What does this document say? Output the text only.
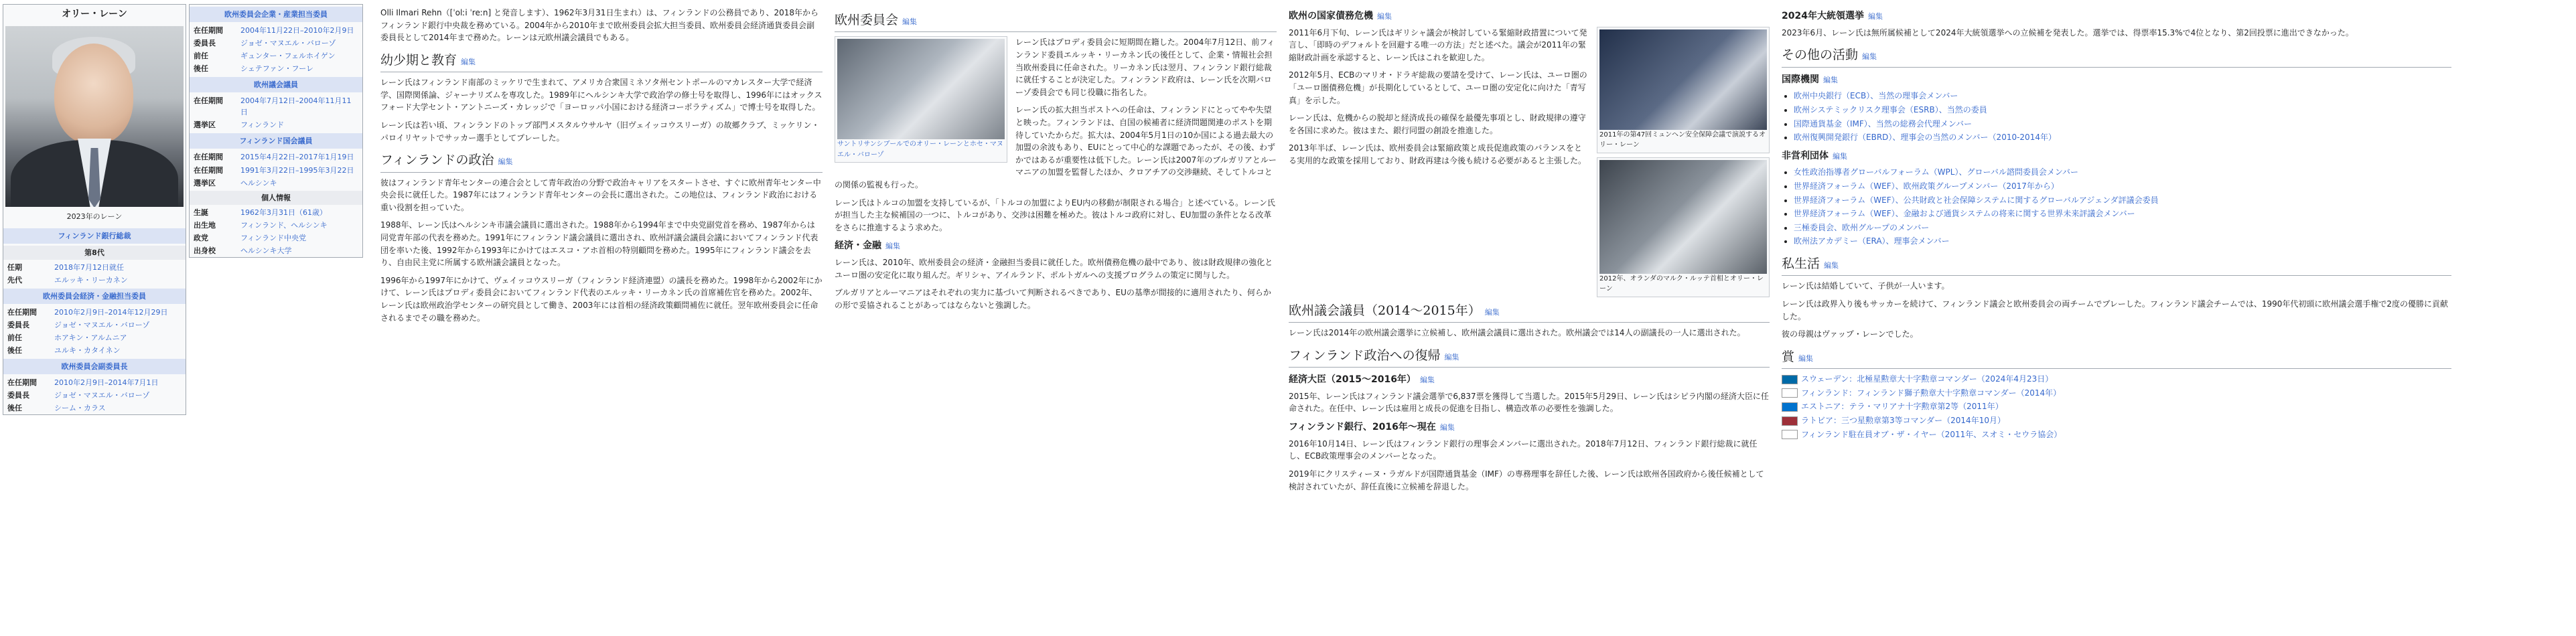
オリー・レーン
2023年のレーン
フィンランド銀行総裁
第8代
任期	2018年7月12日就任
先代	エルッキ・リーカネン
欧州委員会経済・金融担当委員
在任期間	2010年2月9日–2014年12月29日
委員長	ジョゼ・マヌエル・バローゾ
前任	ホアキン・アルムニア
後任	ユルキ・カタイネン
欧州委員会副委員長
在任期間	2010年2月9日–2014年7月1日
委員長	ジョゼ・マヌエル・バローゾ
後任	シーム・カラス
欧州委員会企業・産業担当委員
在任期間	2004年11月22日–2010年2月9日
委員長	ジョゼ・マヌエル・バローゾ
前任	ギュンター・フェルホイゲン
後任	シェテファン・フーレ
欧州議会議員
在任期間	2004年7月12日–2004年11月11日
選挙区	フィンランド
フィンランド国会議員
在任期間	2015年4月22日–2017年1月19日
在任期間	1991年3月22日–1995年3月22日
選挙区	ヘルシンキ
個人情報
生誕	1962年3月31日（61歳）
出生地	フィンランド、ヘルシンキ
政党	フィンランド中央党
出身校	ヘルシンキ大学

Olli Ilmari Rehn（[ˈolːi ˈreːn] と発音します）、1962年3月31日生まれ）は、フィンランドの公務員であり、2018年からフィンランド銀行中央裁を務めている。2004年から2010年まで欧州委員会拡大担当委員、欧州委員会経済通貨委員会副委員長として2014年まで務めた。レーンは元欧州議会議員でもある。

幼少期と教育 編集

レーン氏はフィンランド南部のミッケリで生まれて、アメリカ合衆国ミネソタ州セントポールのマカレスター大学で経済学、国際関係論、ジャーナリズムを専攻した。1989年にヘルシンキ大学で政治学の修士号を取得し、1996年にはオックスフォード大学セント・アントニーズ・カレッジで「ヨーロッパ小国における経済コーポラティズム」で博士号を取得した。

レーン氏は若い頃、フィンランドのトップ部門メスタルウサルヤ（旧ヴェイッコウスリーガ）の故郷クラブ、ミッケリン・パロイリヤットでサッカー選手としてプレーした。

フィンランドの政治 編集

彼はフィンランド青年センターの連合会として青年政治の分野で政治キャリアをスタートさせ、すぐに欧州青年センター中央会長に就任した。1987年にはフィンランド青年センターの会長に選出された。この地位は、フィンランド政治における重い役割を担っていた。

1988年、レーン氏はヘルシンキ市議会議員に選出された。1988年から1994年まで中央党副党首を務め、1987年からは同党青年部の代表を務めた。1991年にフィンランド議会議員に選出され、欧州評議会議員会議においてフィンランド代表団を率いた後、1992年から1993年にかけてはエスコ・アホ首相の特別顧問を務めた。1995年にフィンランド議会を去り、自由民主党に所属する欧州議会議員となった。

1996年から1997年にかけて、ヴェイッコウスリーガ（フィンランド経済連盟）の議長を務めた。1998年から2002年にかけて、レーン氏はプロディ委員会においてフィンランド代表のエルッキ・リーカネン氏の首席補佐官を務めた。2002年、レーン氏は欧州政治学センターの研究員として働き、2003年には首相の経済政策顧問補佐に就任。翌年欧州委員会に任命されるまでその職を務めた。

欧州委員会 編集
サントリサンシブールでのオリー・レーンとホセ・マヌエル・バローゾ

レーン氏はプロディ委員会に短期間在籍した。2004年7月12日、前フィンランド委員エルッキ・リーカネン氏の後任として、企業・情報社会担当欧州委員に任命された。リーカネン氏は翌月、フィンランド銀行総裁に就任することが決定した。フィンランド政府は、レーン氏を次期バローゾ委員会でも同じ役職に指名した。

レーン氏の拡大担当ポストへの任命は、フィンランドにとってやや失望と映った。フィンランドは、自国の候補者に経済問題関連のポストを期待していたからだ。拡大は、2004年5月1日の10か国による過去最大の加盟の余波もあり、EUにとって中心的な課題であったが、その後、わずかではあるが重要性は低下した。レーン氏は2007年のブルガリアとルーマニアの加盟を監督したほか、クロアチアの交渉継続、そしてトルコとの関係の監視も行った。

レーン氏はトルコの加盟を支持しているが、「トルコの加盟によりEU内の移動が制限される場合」と述べている。レーン氏が担当した主な候補国の一つに、トルコがあり、交渉は困難を極めた。彼はトルコ政府に対し、EU加盟の条件となる改革をさらに推進するよう求めた。

経済・金融 編集

レーン氏は、2010年、欧州委員会の経済・金融担当委員に就任した。欧州債務危機の最中であり、彼は財政規律の強化とユーロ圏の安定化に取り組んだ。ギリシャ、アイルランド、ポルトガルへの支援プログラムの策定に関与した。

ブルガリアとルーマニアはそれぞれの実力に基づいて判断されるべきであり、EUの基準が間接的に適用されたり、何らかの形で妥協されることがあってはならないと強調した。

欧州の国家債務危機 編集
2011年の第47回ミュンヘン安全保障会議で演説するオリー・レーン

2011年6月下旬、レーン氏はギリシャ議会が検討している緊縮財政措置について発言し、「即時のデフォルトを回避する唯一の方法」だと述べた。議会が2011年の緊縮財政計画を承認すると、レーン氏はこれを歓迎した。

2012年5月、ECBのマリオ・ドラギ総裁の要請を受けて、レーン氏は、ユーロ圏の「ユーロ圏債務危機」が長期化しているとして、ユーロ圏の安定化に向けた「青写真」を示した。

2012年、オランダのマルク・ルッテ首相とオリー・レーン

レーン氏は、危機からの脱却と経済成長の確保を最優先事項とし、財政規律の遵守を各国に求めた。彼はまた、銀行同盟の創設を推進した。

2013年半ば、レーン氏は、欧州委員会は緊縮政策と成長促進政策のバランスをとる実用的な政策を採用しており、財政再建は今後も続ける必要があると主張した。

欧州議会議員（2014〜2015年） 編集

レーン氏は2014年の欧州議会選挙に立候補し、欧州議会議員に選出された。欧州議会では14人の副議長の一人に選出された。

フィンランド政治への復帰 編集
経済大臣（2015〜2016年） 編集

2015年、レーン氏はフィンランド議会選挙で6,837票を獲得して当選した。2015年5月29日、レーン氏はシピラ内閣の経済大臣に任命された。在任中、レーン氏は雇用と成長の促進を目指し、構造改革の必要性を強調した。

フィンランド銀行、2016年〜現在 編集

2016年10月14日、レーン氏はフィンランド銀行の理事会メンバーに選出された。2018年7月12日、フィンランド銀行総裁に就任し、ECB政策理事会のメンバーとなった。

2019年にクリスティーヌ・ラガルドが国際通貨基金（IMF）の専務理事を辞任した後、レーン氏は欧州各国政府から後任候補として検討されていたが、辞任直後に立候補を辞退した。

2024年大統領選挙 編集

2023年6月、レーン氏は無所属候補として2024年大統領選挙への立候補を発表した。選挙では、得票率15.3%で4位となり、第2回投票に進出できなかった。

その他の活動 編集
国際機関 編集
• 欧州中央銀行（ECB）、当然の理事会メンバー
• 欧州システミックリスク理事会（ESRB）、当然の委員
• 国際通貨基金（IMF）、当然の総務会代理メンバー
• 欧州復興開発銀行（EBRD）、理事会の当然のメンバー（2010-2014年）
非営利団体 編集
• 女性政治指導者グローバルフォーラム（WPL）、グローバル諮問委員会メンバー
• 世界経済フォーラム（WEF）、欧州政策グループメンバー（2017年から）
• 世界経済フォーラム（WEF）、公共財政と社会保障システムに関するグローバルアジェンダ評議会委員
• 世界経済フォーラム（WEF）、金融および通貨システムの将来に関する世界未来評議会メンバー
• 三極委員会、欧州グループのメンバー
• 欧州法アカデミー（ERA）、理事会メンバー
私生活 編集

レーン氏は結婚していて、子供が一人います。

レーン氏は政界入り後もサッカーを続けて、フィンランド議会と欧州委員会の両チームでプレーした。フィンランド議会チームでは、1990年代初頭に欧州議会選手権で2度の優勝に貢献した。

彼の母親はヴァップ・レーンでした。

賞編集
スウェーデン：北極星勲章大十字勲章コマンダー（2024年4月23日）
フィンランド：フィンランド獅子勲章大十字勲章コマンダー（2014年）
エストニア：テラ・マリアナ十字勲章第2等（2011年）
ラトビア：三つ星勲章第3等コマンダー（2014年10月）
フィンランド駐在員オブ・ザ・イヤー（2011年、スオミ・セウラ協会）
